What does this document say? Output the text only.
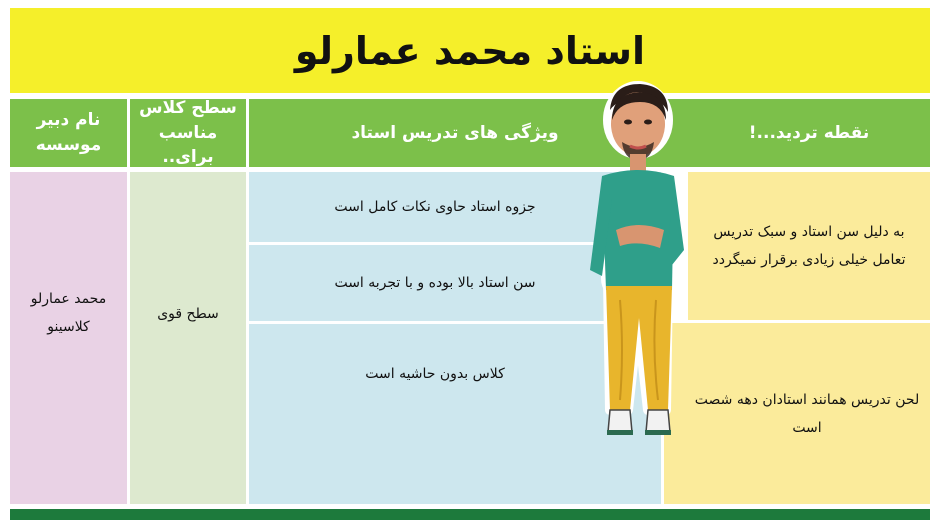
استاد محمد عمارلو
نام دبیر موسسه
سطح کلاس مناسب برای..
ویژگی های تدریس استاد	نقطه تردید...!
محمد عمارلو
کلاسینو
سطح قوی
جزوه استاد حاوی نکات کامل است
سن استاد بالا بوده و با تجربه است
کلاس بدون حاشیه است
به دلیل سن استاد و سبک تدریس تعامل خیلی زیادی برقرار نمیگردد
لحن تدریس همانند استادان دهه شصت است
